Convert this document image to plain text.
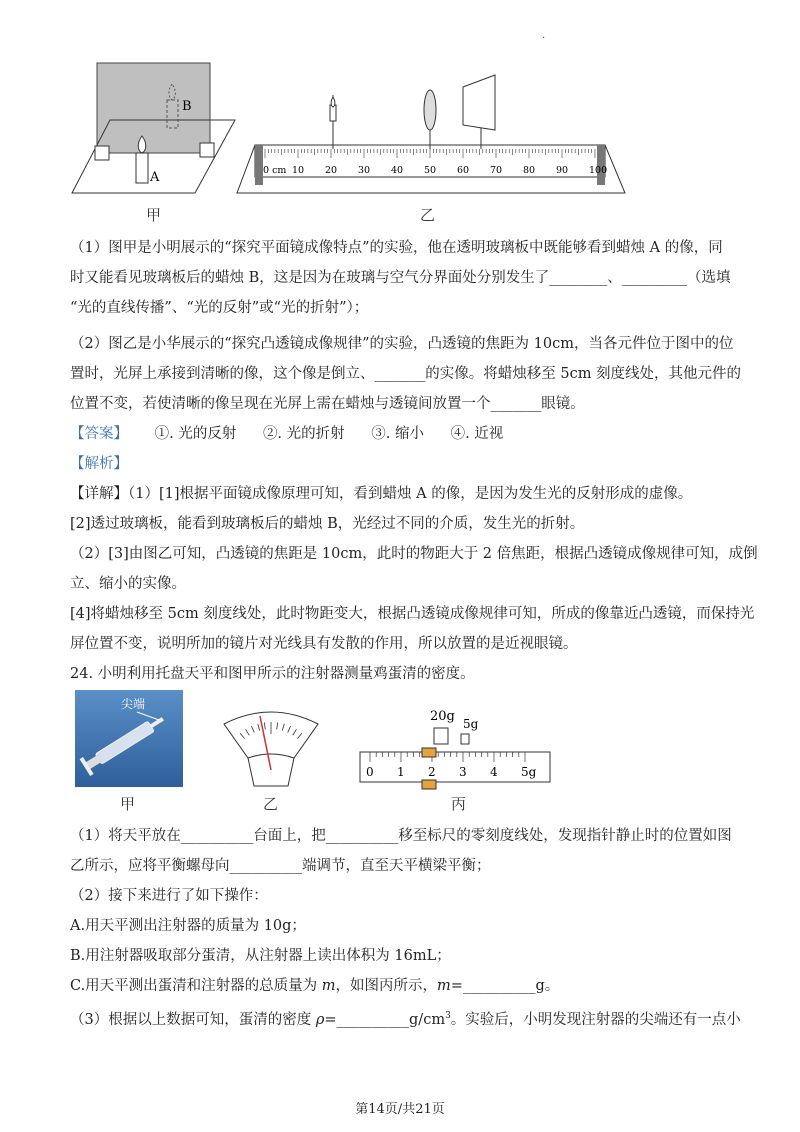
.
A
B
甲
0 cm 10 20 30 40 50 60 70 80 90 100
乙
（1）图甲是小明展示的“探究平面镜成像特点”的实验，他在透明玻璃板中既能够看到蜡烛 A 的像，同
时又能看见玻璃板后的蜡烛 B，这是因为在玻璃与空气分界面处分别发生了________、_________（选填
“光的直线传播”、“光的反射”或“光的折射”）；
（2）图乙是小华展示的“探究凸透镜成像规律”的实验，凸透镜的焦距为 10cm，当各元件位于图中的位
置时，光屏上承接到清晰的像，这个像是倒立、_______的实像。将蜡烛移至 5cm 刻度线处，其他元件的
位置不变，若使清晰的像呈现在光屏上需在蜡烛与透镜间放置一个_______眼镜。
【答案】 ①. 光的反射 ②. 光的折射 ③. 缩小 ④. 近视
【解析】
【详解】（1）[1]根据平面镜成像原理可知，看到蜡烛 A 的像，是因为发生光的反射形成的虚像。
[2]透过玻璃板，能看到玻璃板后的蜡烛 B，光经过不同的介质，发生光的折射。
（2）[3]由图乙可知，凸透镜的焦距是 10cm，此时的物距大于 2 倍焦距，根据凸透镜成像规律可知，成倒
立、缩小的实像。
[4]将蜡烛移至 5cm 刻度线处，此时物距变大，根据凸透镜成像规律可知，所成的像靠近凸透镜，而保持光
屏位置不变，说明所加的镜片对光线具有发散的作用，所以放置的是近视眼镜。
24. 小明利用托盘天平和图甲所示的注射器测量鸡蛋清的密度。
尖端
甲	乙
20g 5g
0 1 2 3 4 5g
丙
（1）将天平放在__________台面上，把__________移至标尺的零刻度线处，发现指针静止时的位置如图
乙所示，应将平衡螺母向__________端调节，直至天平横梁平衡；
（2）接下来进行了如下操作：
A.用天平测出注射器的质量为 10g；
B.用注射器吸取部分蛋清，从注射器上读出体积为 16mL；
C.用天平测出蛋清和注射器的总质量为 m，如图丙所示，m=__________g。
（3）根据以上数据可知，蛋清的密度 $\rho=\_\_\_\_\_\_\_\_\_\_g/cm^3$。实验后，小明发现注射器的尖端还有一点小
第14页/共21页
